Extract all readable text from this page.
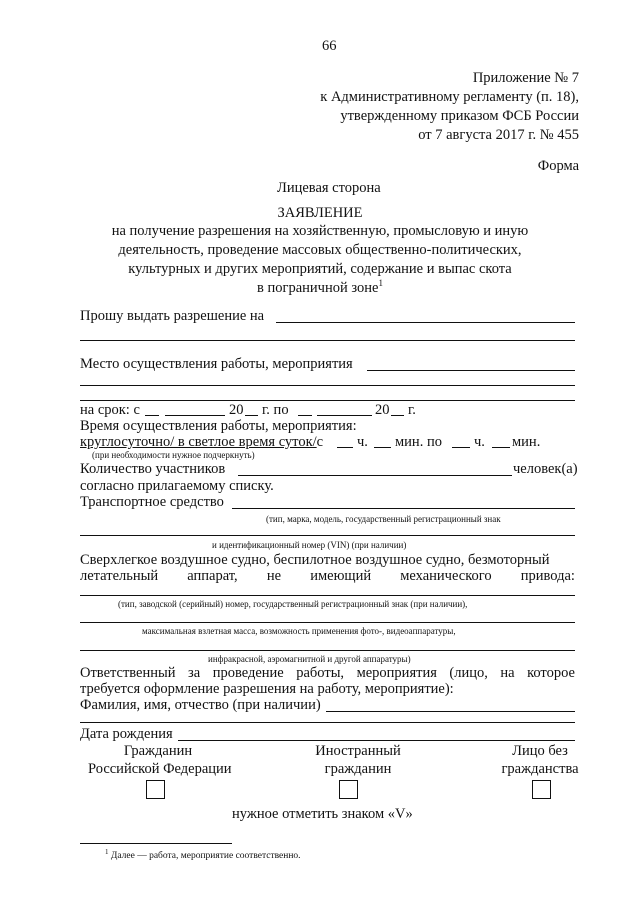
66
Приложение № 7
к Административному регламенту (п. 18),
утвержденному приказом ФСБ России
от 7 августа 2017 г. № 455
Форма
Лицевая сторона
ЗАЯВЛЕНИЕ
на получение разрешения на хозяйственную, промысловую и иную
деятельность, проведение массовых общественно-политических,
культурных и других мероприятий, содержание и выпас скота
в пограничной зоне$^1$
Прошу выдать разрешение на
Место осуществления работы, мероприятия
на срок: с	20 г. по	20 г.
Время осуществления работы, мероприятия:
круглосуточно/ в светлое время суток/с ч. мин. по ч. мин.
(при необходимости нужное подчеркнуть)
Количество участников	человек(а)
согласно прилагаемому списку.
Транспортное средство
(тип, марка, модель, государственный регистрационный знак
и идентификационный номер (VIN) (при наличии)
Сверхлегкое воздушное судно, беспилотное воздушное судно, безмоторный
летательный аппарат, не имеющий механического привода:
(тип, заводской (серийный) номер, государственный регистрационный знак (при наличии),
максимальная взлетная масса, возможность применения фото-, видеоаппаратуры,
инфракрасной, аэромагнитной и другой аппаратуры)
Ответственный за проведение работы, мероприятия (лицо, на которое
требуется оформление разрешения на работу, мероприятие):
Фамилия, имя, отчество (при наличии)
Дата рождения
Гражданин
Российской Федерации
Иностранный
гражданин
Лицо без
гражданства
нужное отметить знаком «V»
$^1$ Далее — работа, мероприятие соответственно.
